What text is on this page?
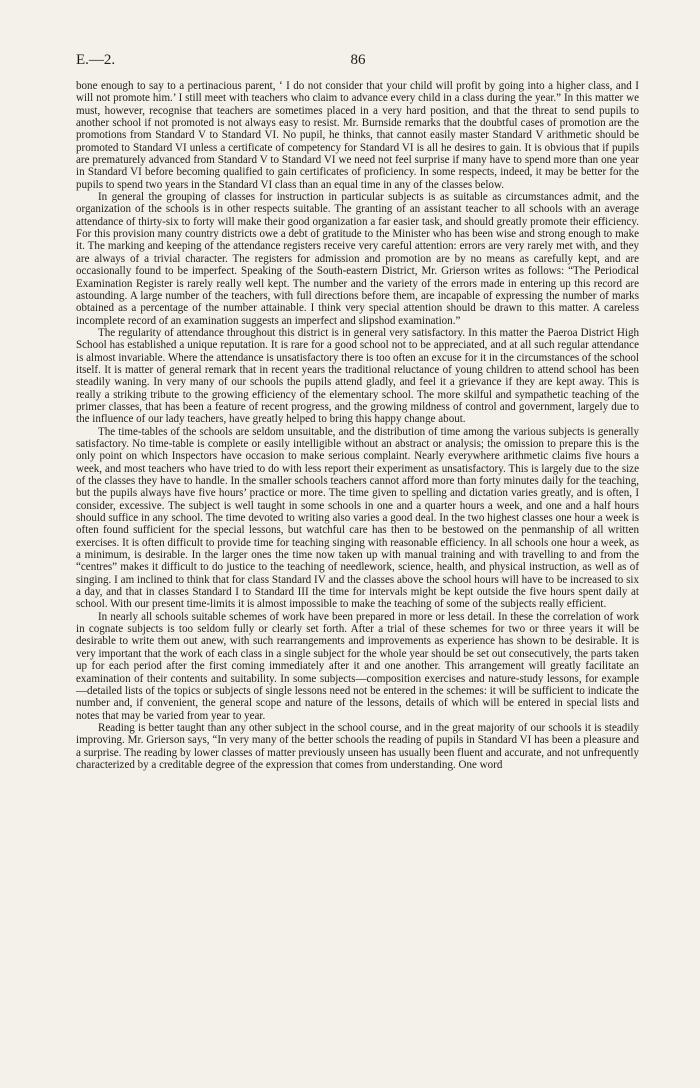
E.—2.	86

bone enough to say to a pertinacious parent, ‘ I do not consider that your child will profit by going into a higher class, and I will not promote him.’ I still meet with teachers who claim to advance every child in a class during the year.” In this matter we must, however, recognise that teachers are sometimes placed in a very hard position, and that the threat to send pupils to another school if not promoted is not always easy to resist. Mr. Burnside remarks that the doubtful cases of promotion are the promotions from Standard V to Standard VI. No pupil, he thinks, that cannot easily master Standard V arithmetic should be promoted to Standard VI unless a certificate of competency for Standard VI is all he desires to gain. It is obvious that if pupils are prematurely advanced from Standard V to Standard VI we need not feel surprise if many have to spend more than one year in Standard VI before becoming qualified to gain certificates of proficiency. In some respects, indeed, it may be better for the pupils to spend two years in the Standard VI class than an equal time in any of the classes below.

In general the grouping of classes for instruction in particular subjects is as suitable as circumstances admit, and the organization of the schools is in other respects suitable. The granting of an assistant teacher to all schools with an average attendance of thirty-six to forty will make their good organization a far easier task, and should greatly promote their efficiency. For this provision many country districts owe a debt of gratitude to the Minister who has been wise and strong enough to make it. The marking and keeping of the attendance registers receive very careful attention: errors are very rarely met with, and they are always of a trivial character. The registers for admission and promotion are by no means as carefully kept, and are occasionally found to be imperfect. Speaking of the South-eastern District, Mr. Grierson writes as follows: “The Periodical Examination Register is rarely really well kept. The number and the variety of the errors made in entering up this record are astounding. A large number of the teachers, with full directions before them, are incapable of expressing the number of marks obtained as a percentage of the number attainable. I think very special attention should be drawn to this matter. A careless incomplete record of an examination suggests an imperfect and slipshod examination.”

The regularity of attendance throughout this district is in general very satisfactory. In this matter the Paeroa District High School has established a unique reputation. It is rare for a good school not to be appreciated, and at all such regular attendance is almost invariable. Where the attendance is unsatisfactory there is too often an excuse for it in the circumstances of the school itself. It is matter of general remark that in recent years the traditional reluctance of young children to attend school has been steadily waning. In very many of our schools the pupils attend gladly, and feel it a grievance if they are kept away. This is really a striking tribute to the growing efficiency of the elementary school. The more skilful and sympathetic teaching of the primer classes, that has been a feature of recent progress, and the growing mildness of control and government, largely due to the influence of our lady teachers, have greatly helped to bring this happy change about.

The time-tables of the schools are seldom unsuitable, and the distribution of time among the various subjects is generally satisfactory. No time-table is complete or easily intelligible without an abstract or analysis; the omission to prepare this is the only point on which Inspectors have occasion to make serious complaint. Nearly everywhere arithmetic claims five hours a week, and most teachers who have tried to do with less report their experiment as unsatisfactory. This is largely due to the size of the classes they have to handle. In the smaller schools teachers cannot afford more than forty minutes daily for the teaching, but the pupils always have five hours’ practice or more. The time given to spelling and dictation varies greatly, and is often, I consider, excessive. The subject is well taught in some schools in one and a quarter hours a week, and one and a half hours should suffice in any school. The time devoted to writing also varies a good deal. In the two highest classes one hour a week is often found sufficient for the special lessons, but watchful care has then to be bestowed on the penmanship of all written exercises. It is often difficult to provide time for teaching singing with reasonable efficiency. In all schools one hour a week, as a minimum, is desirable. In the larger ones the time now taken up with manual training and with travelling to and from the “centres” makes it difficult to do justice to the teaching of needlework, science, health, and physical instruction, as well as of singing. I am inclined to think that for class Standard IV and the classes above the school hours will have to be increased to six a day, and that in classes Standard I to Standard III the time for intervals might be kept outside the five hours spent daily at school. With our present time-limits it is almost impossible to make the teaching of some of the subjects really efficient.

In nearly all schools suitable schemes of work have been prepared in more or less detail. In these the correlation of work in cognate subjects is too seldom fully or clearly set forth. After a trial of these schemes for two or three years it will be desirable to write them out anew, with such rearrangements and improvements as experience has shown to be desirable. It is very important that the work of each class in a single subject for the whole year should be set out consecutively, the parts taken up for each period after the first coming immediately after it and one another. This arrangement will greatly facilitate an examination of their contents and suitability. In some subjects—composition exercises and nature-study lessons, for example—detailed lists of the topics or subjects of single lessons need not be entered in the schemes: it will be sufficient to indicate the number and, if convenient, the general scope and nature of the lessons, details of which will be entered in special lists and notes that may be varied from year to year.

Reading is better taught than any other subject in the school course, and in the great majority of our schools it is steadily improving. Mr. Grierson says, “In very many of the better schools the reading of pupils in Standard VI has been a pleasure and a surprise. The reading by lower classes of matter previously unseen has usually been fluent and accurate, and not unfrequently characterized by a creditable degree of the expression that comes from understanding. One word
